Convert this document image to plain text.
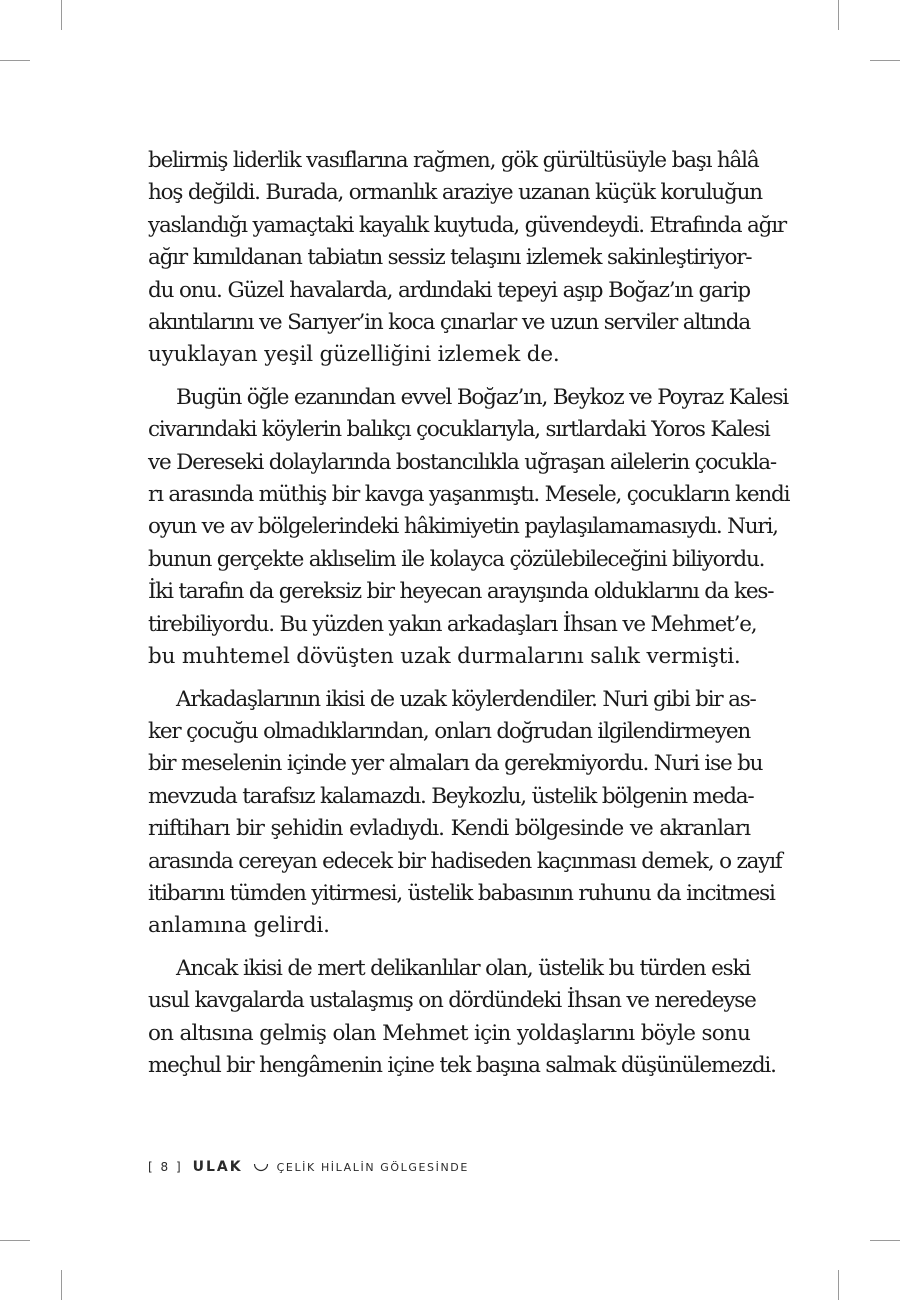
belirmiş liderlik vasıflarına rağmen, gök gürültüsüyle başı hâlâ
hoş değildi. Burada, ormanlık araziye uzanan küçük koruluğun
yaslandığı yamaçtaki kayalık kuytuda, güvendeydi. Etrafında ağır
ağır kımıldanan tabiatın sessiz telaşını izlemek sakinleştiriyor-
du onu. Güzel havalarda, ardındaki tepeyi aşıp Boğaz’ın garip
akıntılarını ve Sarıyer’in koca çınarlar ve uzun serviler altında
uyuklayan yeşil güzelliğini izlemek de.

Bugün öğle ezanından evvel Boğaz’ın, Beykoz ve Poyraz Kalesi
civarındaki köylerin balıkçı çocuklarıyla, sırtlardaki Yoros Kalesi
ve Dereseki dolaylarında bostancılıkla uğraşan ailelerin çocukla-
rı arasında müthiş bir kavga yaşanmıştı. Mesele, çocukların kendi
oyun ve av bölgelerindeki hâkimiyetin paylaşılamamasıydı. Nuri,
bunun gerçekte aklıselim ile kolayca çözülebileceğini biliyordu.
İki tarafın da gereksiz bir heyecan arayışında olduklarını da kes-
tirebiliyordu. Bu yüzden yakın arkadaşları İhsan ve Mehmet’e,
bu muhtemel dövüşten uzak durmalarını salık vermişti.

Arkadaşlarının ikisi de uzak köylerdendiler. Nuri gibi bir as-
ker çocuğu olmadıklarından, onları doğrudan ilgilendirmeyen
bir meselenin içinde yer almaları da gerekmiyordu. Nuri ise bu
mevzuda tarafsız kalamazdı. Beykozlu, üstelik bölgenin meda-
rıiftiharı bir şehidin evladıydı. Kendi bölgesinde ve akranları
arasında cereyan edecek bir hadiseden kaçınması demek, o zayıf
itibarını tümden yitirmesi, üstelik babasının ruhunu da incitmesi
anlamına gelirdi.

Ancak ikisi de mert delikanlılar olan, üstelik bu türden eski
usul kavgalarda ustalaşmış on dördündeki İhsan ve neredeyse
on altısına gelmiş olan Mehmet için yoldaşlarını böyle sonu
meçhul bir hengâmenin içine tek başına salmak düşünülemezdi.

[ 8 ] ULAK	ÇELİK HİLALİN GÖLGESİNDE
